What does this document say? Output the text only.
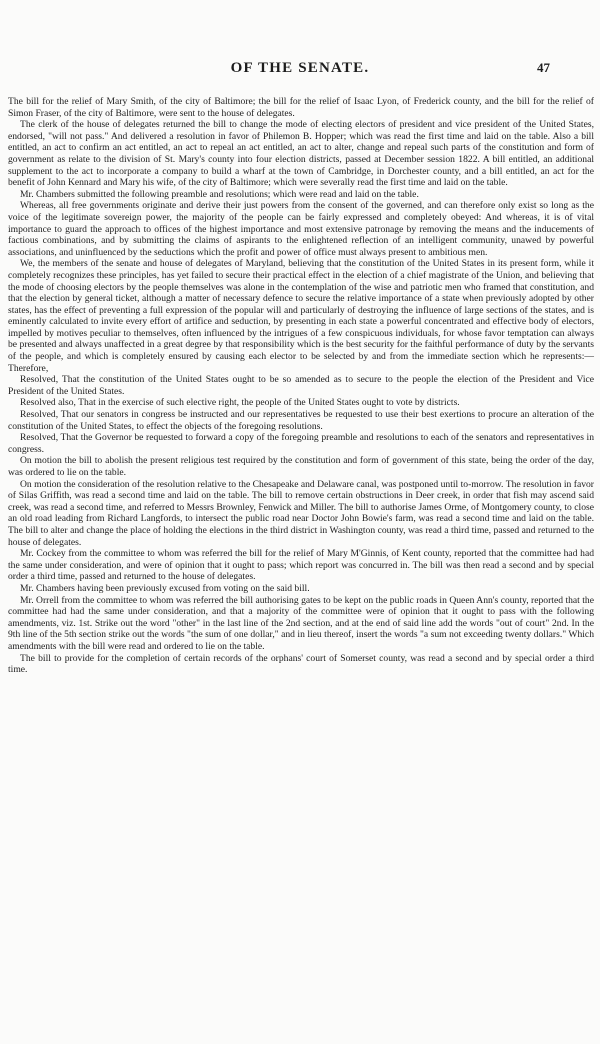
OF THE SENATE.	47

The bill for the relief of Mary Smith, of the city of Baltimore; the bill for the relief of Isaac Lyon, of Frederick county, and the bill for the relief of Simon Fraser, of the city of Baltimore, were sent to the house of delegates.

The clerk of the house of delegates returned the bill to change the mode of electing electors of president and vice president of the United States, endorsed, "will not pass." And delivered a resolution in favor of Philemon B. Hopper; which was read the first time and laid on the table. Also a bill entitled, an act to confirm an act entitled, an act to repeal an act entitled, an act to alter, change and repeal such parts of the constitution and form of government as relate to the division of St. Mary's county into four election districts, passed at December session 1822. A bill entitled, an additional supplement to the act to incorporate a company to build a wharf at the town of Cambridge, in Dorchester county, and a bill entitled, an act for the benefit of John Kennard and Mary his wife, of the city of Baltimore; which were severally read the first time and laid on the table.

Mr. Chambers submitted the following preamble and resolutions; which were read and laid on the table.

Whereas, all free governments originate and derive their just powers from the consent of the governed, and can therefore only exist so long as the voice of the legitimate sovereign power, the majority of the people can be fairly expressed and completely obeyed: And whereas, it is of vital importance to guard the approach to offices of the highest importance and most extensive patronage by removing the means and the inducements of factious combinations, and by submitting the claims of aspirants to the enlightened reflection of an intelligent community, unawed by powerful associations, and uninfluenced by the seductions which the profit and power of office must always present to ambitious men.

We, the members of the senate and house of delegates of Maryland, believing that the constitution of the United States in its present form, while it completely recognizes these principles, has yet failed to secure their practical effect in the election of a chief magistrate of the Union, and believing that the mode of choosing electors by the people themselves was alone in the contemplation of the wise and patriotic men who framed that constitution, and that the election by general ticket, although a matter of necessary defence to secure the relative importance of a state when previously adopted by other states, has the effect of preventing a full expression of the popular will and particularly of destroying the influence of large sections of the states, and is eminently calculated to invite every effort of artifice and seduction, by presenting in each state a powerful concentrated and effective body of electors, impelled by motives peculiar to themselves, often influenced by the intrigues of a few conspicuous individuals, for whose favor temptation can always be presented and always unaffected in a great degree by that responsibility which is the best security for the faithful performance of duty by the servants of the people, and which is completely ensured by causing each elector to be selected by and from the immediate section which he represents:—Therefore,

Resolved, That the constitution of the United States ought to be so amended as to secure to the people the election of the President and Vice President of the United States.

Resolved also, That in the exercise of such elective right, the people of the United States ought to vote by districts.

Resolved, That our senators in congress be instructed and our representatives be requested to use their best exertions to procure an alteration of the constitution of the United States, to effect the objects of the foregoing resolutions.

Resolved, That the Governor be requested to forward a copy of the foregoing preamble and resolutions to each of the senators and representatives in congress.

On motion the bill to abolish the present religious test required by the constitution and form of government of this state, being the order of the day, was ordered to lie on the table.

On motion the consideration of the resolution relative to the Chesapeake and Delaware canal, was postponed until to-morrow. The resolution in favor of Silas Griffith, was read a second time and laid on the table. The bill to remove certain obstructions in Deer creek, in order that fish may ascend said creek, was read a second time, and referred to Messrs Brownley, Fenwick and Miller. The bill to authorise James Orme, of Montgomery county, to close an old road leading from Richard Langfords, to intersect the public road near Doctor John Bowie's farm, was read a second time and laid on the table. The bill to alter and change the place of holding the elections in the third district in Washington county, was read a third time, passed and returned to the house of delegates.

Mr. Cockey from the committee to whom was referred the bill for the relief of Mary M'Ginnis, of Kent county, reported that the committee had had the same under consideration, and were of opinion that it ought to pass; which report was concurred in. The bill was then read a second and by special order a third time, passed and returned to the house of delegates.

Mr. Chambers having been previously excused from voting on the said bill.

Mr. Orrell from the committee to whom was referred the bill authorising gates to be kept on the public roads in Queen Ann's county, reported that the committee had had the same under consideration, and that a majority of the committee were of opinion that it ought to pass with the following amendments, viz. 1st. Strike out the word "other" in the last line of the 2nd section, and at the end of said line add the words "out of court" 2nd. In the 9th line of the 5th section strike out the words "the sum of one dollar," and in lieu thereof, insert the words "a sum not exceeding twenty dollars." Which amendments with the bill were read and ordered to lie on the table.

The bill to provide for the completion of certain records of the orphans' court of Somerset county, was read a second and by special order a third time.
